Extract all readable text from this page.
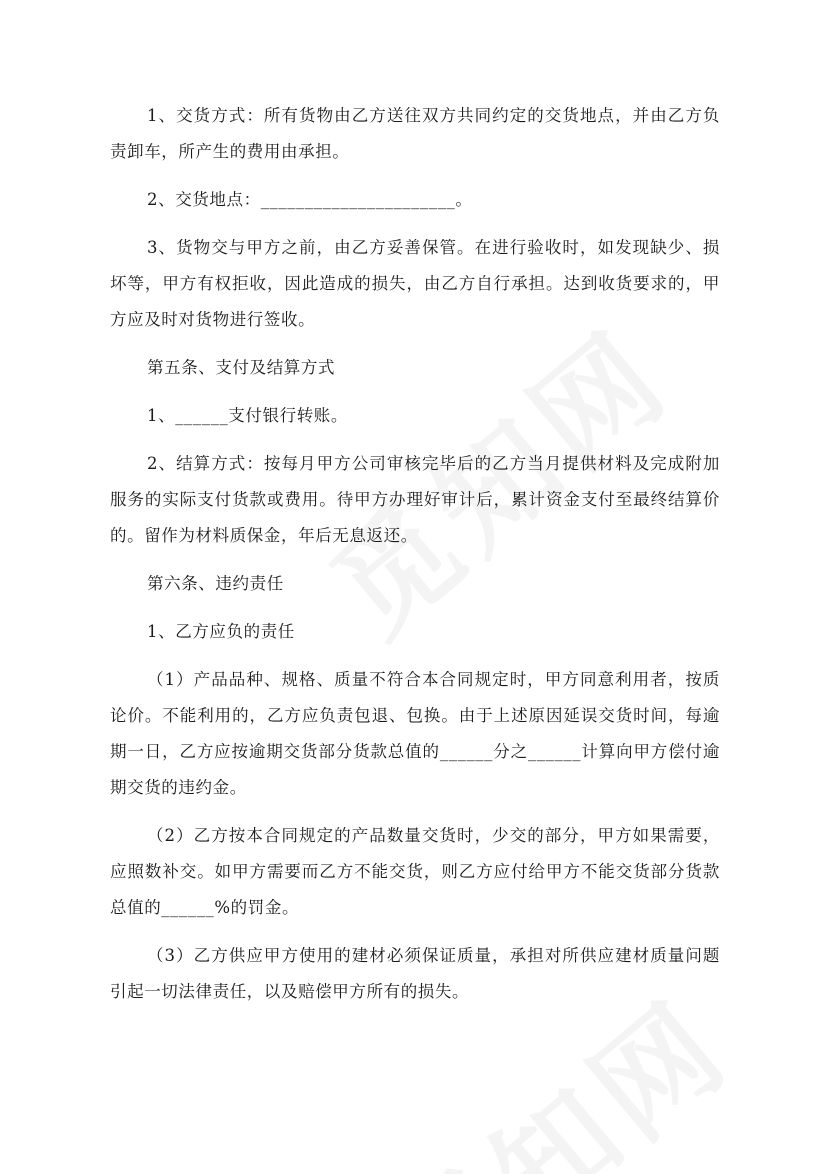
1、交货方式：所有货物由乙方送往双方共同约定的交货地点，并由乙方负责卸车，所产生的费用由承担。

2、交货地点：______________________。

3、货物交与甲方之前，由乙方妥善保管。在进行验收时，如发现缺少、损坏等，甲方有权拒收，因此造成的损失，由乙方自行承担。达到收货要求的，甲方应及时对货物进行签收。

第五条、支付及结算方式

1、______支付银行转账。

2、结算方式：按每月甲方公司审核完毕后的乙方当月提供材料及完成附加服务的实际支付货款或费用。待甲方办理好审计后，累计资金支付至最终结算价的。留作为材料质保金，年后无息返还。

第六条、违约责任

1、乙方应负的责任

（1）产品品种、规格、质量不符合本合同规定时，甲方同意利用者，按质论价。不能利用的，乙方应负责包退、包换。由于上述原因延误交货时间，每逾期一日，乙方应按逾期交货部分货款总值的______分之______计算向甲方偿付逾期交货的违约金。

（2）乙方按本合同规定的产品数量交货时，少交的部分，甲方如果需要，应照数补交。如甲方需要而乙方不能交货，则乙方应付给甲方不能交货部分货款总值的______%的罚金。

（3）乙方供应甲方使用的建材必须保证质量，承担对所供应建材质量问题引起一切法律责任，以及赔偿甲方所有的损失。
